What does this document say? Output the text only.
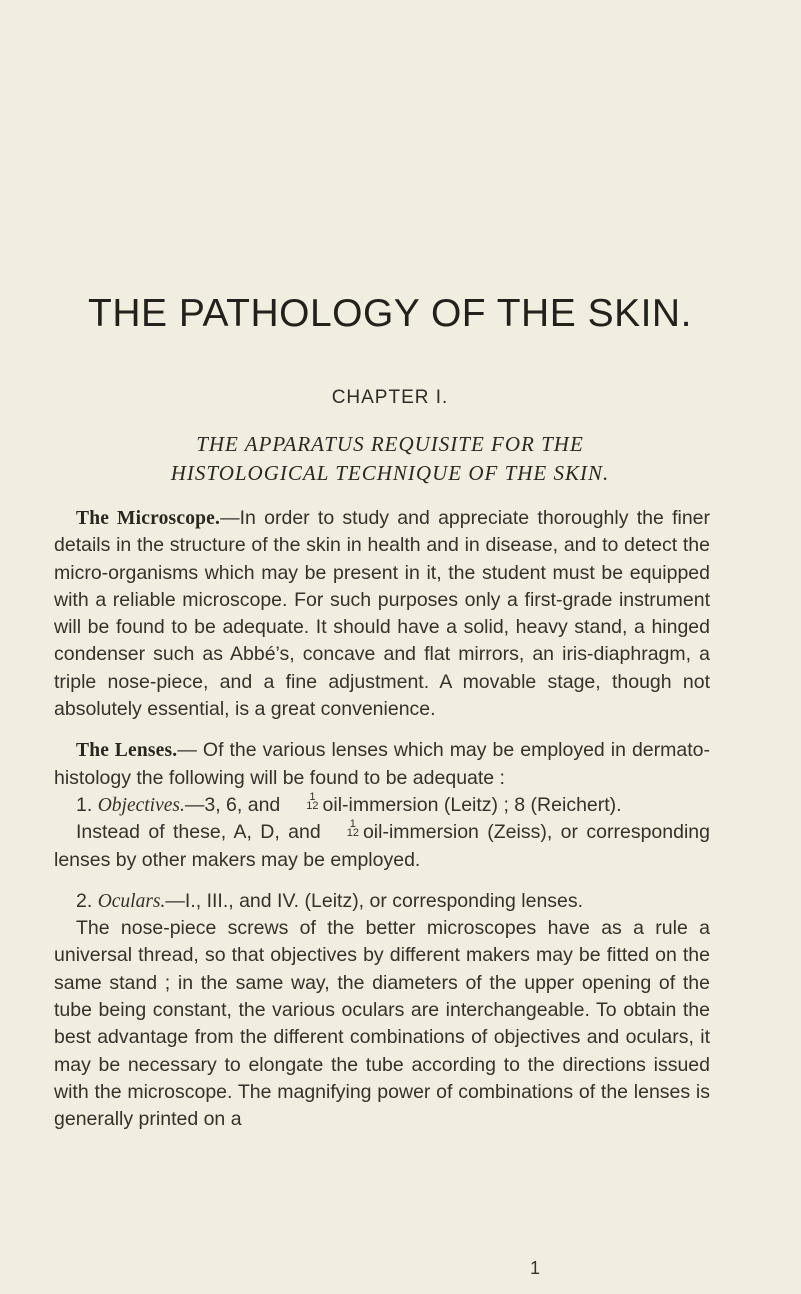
THE PATHOLOGY OF THE SKIN.
CHAPTER I.
THE APPARATUS REQUISITE FOR THE
HISTOLOGICAL TECHNIQUE OF THE SKIN.

The Microscope.—In order to study and appreciate thoroughly the finer details in the structure of the skin in health and in disease, and to detect the micro-organisms which may be present in it, the student must be equipped with a reliable microscope. For such purposes only a first-grade instrument will be found to be adequate. It should have a solid, heavy stand, a hinged condenser such as Abbé’s, concave and flat mirrors, an iris-diaphragm, a triple nose-piece, and a fine adjustment. A movable stage, though not absolutely essential, is a great convenience.

The Lenses.— Of the various lenses which may be employed in dermato-histology the following will be found to be adequate :

1. Objectives.—3, 6, and	1
12 oil-immersion (Leitz) ; 8 (Reichert).

Instead of these, A, D, and	1
12 oil-immersion (Zeiss), or corresponding lenses by other makers may be employed.

2. Oculars.—I., III., and IV. (Leitz), or corresponding lenses.

The nose-piece screws of the better microscopes have as a rule a universal thread, so that objectives by different makers may be fitted on the same stand ; in the same way, the diameters of the upper opening of the tube being constant, the various oculars are interchangeable. To obtain the best advantage from the different combinations of objectives and oculars, it may be necessary to elongate the tube according to the directions issued with the microscope. The magnifying power of combinations of the lenses is generally printed on a

1
